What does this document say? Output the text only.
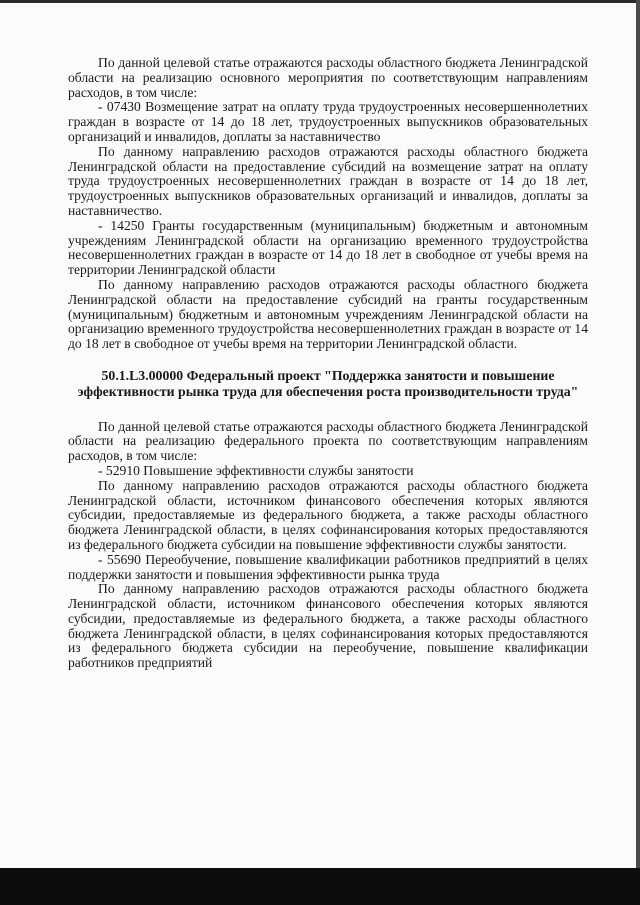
По данной целевой статье отражаются расходы областного бюджета Ленинградской области на реализацию основного мероприятия по соответствующим направлениям расходов, в том числе:

- 07430 Возмещение затрат на оплату труда трудоустроенных несовершеннолетних граждан в возрасте от 14 до 18 лет, трудоустроенных выпускников образовательных организаций и инвалидов, доплаты за наставничество

По данному направлению расходов отражаются расходы областного бюджета Ленинградской области на предоставление субсидий на возмещение затрат на оплату труда трудоустроенных несовершеннолетних граждан в возрасте от 14 до 18 лет, трудоустроенных выпускников образовательных организаций и инвалидов, доплаты за наставничество.

- 14250 Гранты государственным (муниципальным) бюджетным и автономным учреждениям Ленинградской области на организацию временного трудоустройства несовершеннолетних граждан в возрасте от 14 до 18 лет в свободное от учебы время на территории Ленинградской области

По данному направлению расходов отражаются расходы областного бюджета Ленинградской области на предоставление субсидий на гранты государственным (муниципальным) бюджетным и автономным учреждениям Ленинградской области на организацию временного трудоустройства несовершеннолетних граждан в возрасте от 14 до 18 лет в свободное от учебы время на территории Ленинградской области.

50.1.L3.00000 Федеральный проект "Поддержка занятости и повышение эффективности рынка труда для обеспечения роста производительности труда"

По данной целевой статье отражаются расходы областного бюджета Ленинградской области на реализацию федерального проекта по соответствующим направлениям расходов, в том числе:

- 52910 Повышение эффективности службы занятости

По данному направлению расходов отражаются расходы областного бюджета Ленинградской области, источником финансового обеспечения которых являются субсидии, предоставляемые из федерального бюджета, а также расходы областного бюджета Ленинградской области, в целях софинансирования которых предоставляются из федерального бюджета субсидии на повышение эффективности службы занятости.

- 55690 Переобучение, повышение квалификации работников предприятий в целях поддержки занятости и повышения эффективности рынка труда

По данному направлению расходов отражаются расходы областного бюджета Ленинградской области, источником финансового обеспечения которых являются субсидии, предоставляемые из федерального бюджета, а также расходы областного бюджета Ленинградской области, в целях софинансирования которых предоставляются из федерального бюджета субсидии на переобучение, повышение квалификации работников предприятий
